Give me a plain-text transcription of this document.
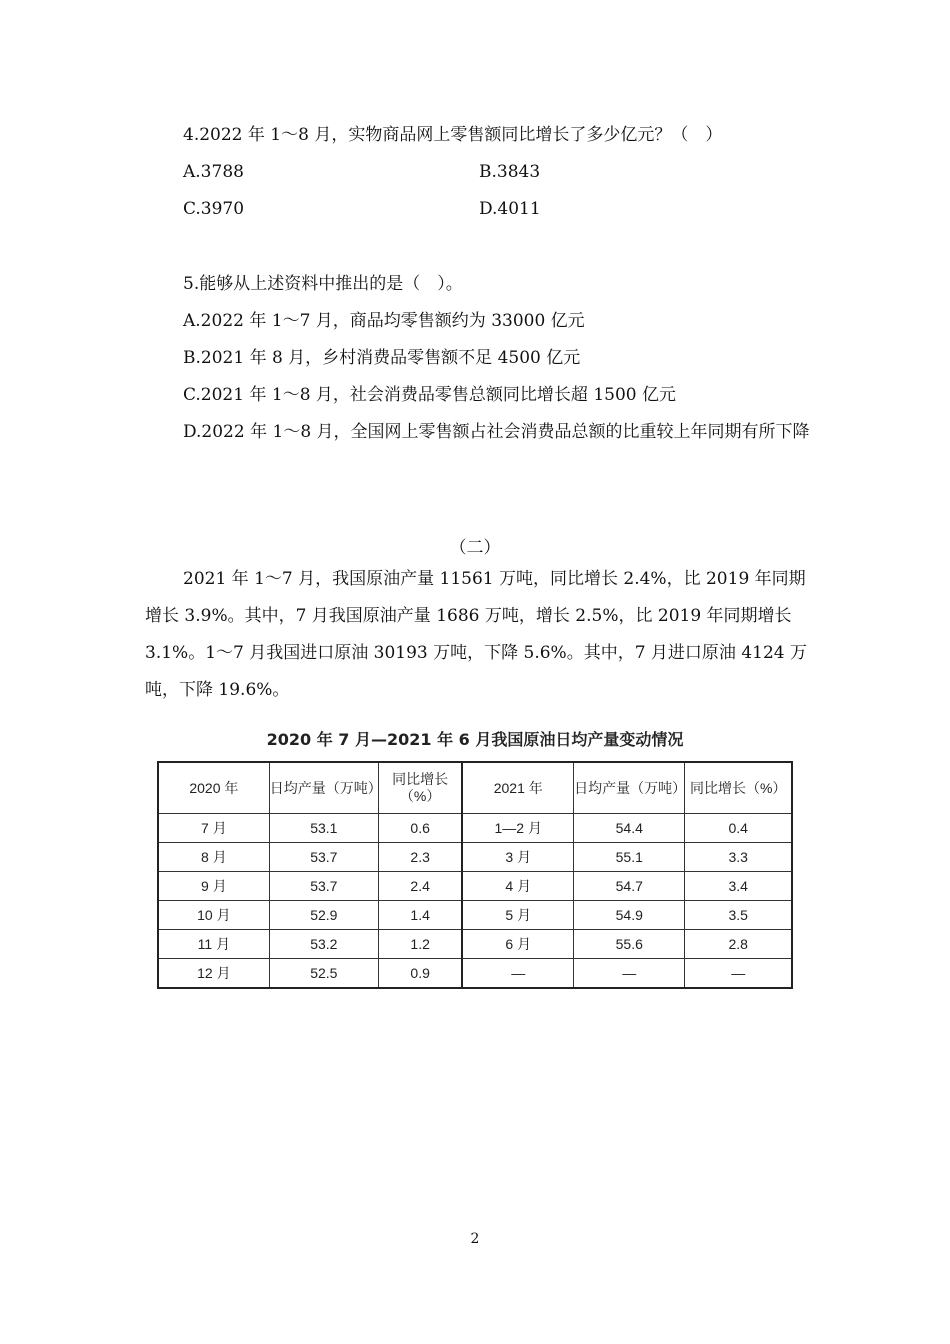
4.2022 年 1～8 月，实物商品网上零售额同比增长了多少亿元？（　）
A.3788	B.3843
C.3970	D.4011
5.能够从上述资料中推出的是（　）。
A.2022 年 1～7 月，商品均零售额约为 33000 亿元
B.2021 年 8 月，乡村消费品零售额不足 4500 亿元
C.2021 年 1～8 月，社会消费品零售总额同比增长超 1500 亿元
D.2022 年 1～8 月，全国网上零售额占社会消费品总额的比重较上年同期有所下降
（二）
2021 年 1～7 月，我国原油产量 11561 万吨，同比增长 2.4%，比 2019 年同期增长 3.9%。其中，7 月我国原油产量 1686 万吨，增长 2.5%，比 2019 年同期增长 3.1%。1～7 月我国进口原油 30193 万吨，下降 5.6%。其中，7 月进口原油 4124 万吨，下降 19.6%。
2020 年 7 月—2021 年 6 月我国原油日均产量变动情况
2020 年	日均产量（万吨）	同比增长（%）	2021 年	日均产量（万吨）	同比增长（%）
7 月	53.1	0.6	1—2 月	54.4	0.4
8 月	53.7	2.3	3 月	55.1	3.3
9 月	53.7	2.4	4 月	54.7	3.4
10 月	52.9	1.4	5 月	54.9	3.5
11 月	53.2	1.2	6 月	55.6	2.8
12 月	52.5	0.9	—	—	—
2
